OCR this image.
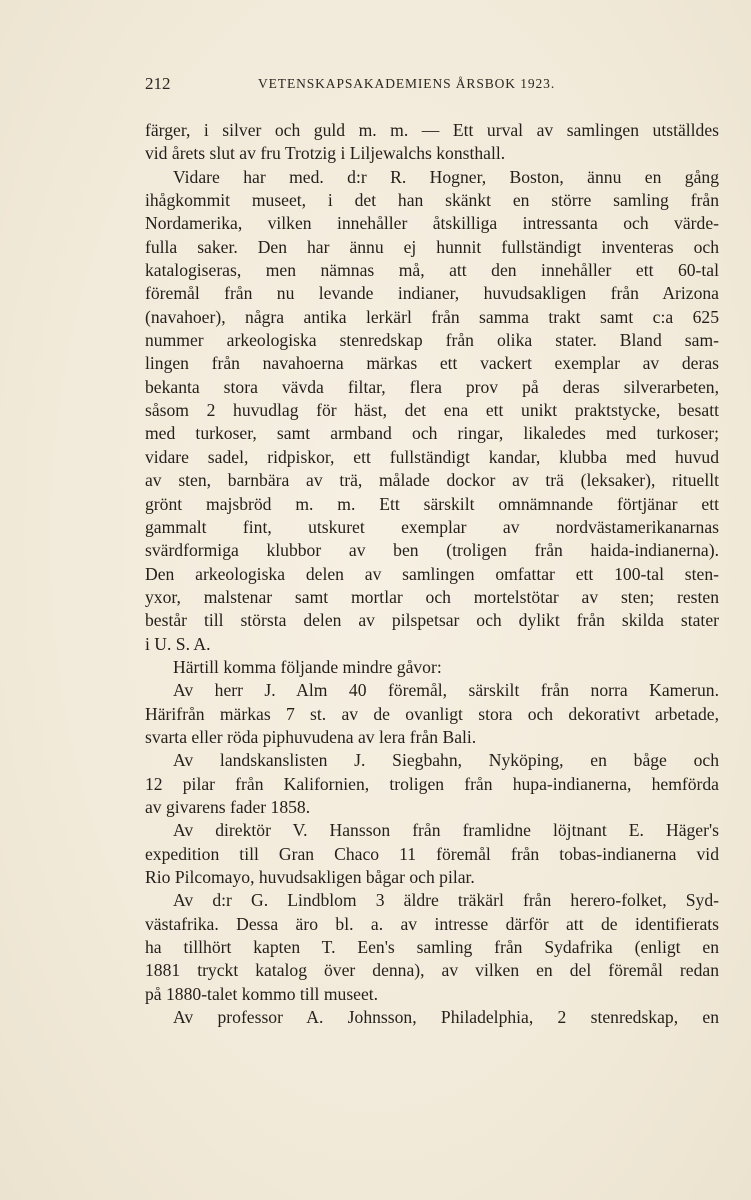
212	VETENSKAPSAKADEMIENS ÅRSBOK 1923.
färger, i silver och guld m. m. — Ett urval av samlingen utställdes
vid årets slut av fru Trotzig i Liljewalchs konsthall.
Vidare har med. d:r R. Hogner, Boston, ännu en gång
ihågkommit museet, i det han skänkt en större samling från
Nordamerika, vilken innehåller åtskilliga intressanta och värde-
fulla saker. Den har ännu ej hunnit fullständigt inventeras och
katalogiseras, men nämnas må, att den innehåller ett 60-tal
föremål från nu levande indianer, huvudsakligen från Arizona
(navahoer), några antika lerkärl från samma trakt samt c:a 625
nummer arkeologiska stenredskap från olika stater. Bland sam-
lingen från navahoerna märkas ett vackert exemplar av deras
bekanta stora vävda filtar, flera prov på deras silverarbeten,
såsom 2 huvudlag för häst, det ena ett unikt praktstycke, besatt
med turkoser, samt armband och ringar, likaledes med turkoser;
vidare sadel, ridpiskor, ett fullständigt kandar, klubba med huvud
av sten, barnbära av trä, målade dockor av trä (leksaker), rituellt
grönt majsbröd m. m. Ett särskilt omnämnande förtjänar ett
gammalt fint, utskuret exemplar av nordvästamerikanarnas
svärdformiga klubbor av ben (troligen från haida-indianerna).
Den arkeologiska delen av samlingen omfattar ett 100-tal sten-
yxor, malstenar samt mortlar och mortelstötar av sten; resten
består till största delen av pilspetsar och dylikt från skilda stater
i U. S. A.
Härtill komma följande mindre gåvor:
Av herr J. Alm 40 föremål, särskilt från norra Kamerun.
Härifrån märkas 7 st. av de ovanligt stora och dekorativt arbetade,
svarta eller röda piphuvudena av lera från Bali.
Av landskanslisten J. Siegbahn, Nyköping, en båge och
12 pilar från Kalifornien, troligen från hupa-indianerna, hemförda
av givarens fader 1858.
Av direktör V. Hansson från framlidne löjtnant E. Häger's
expedition till Gran Chaco 11 föremål från tobas-indianerna vid
Rio Pilcomayo, huvudsakligen bågar och pilar.
Av d:r G. Lindblom 3 äldre träkärl från herero-folket, Syd-
västafrika. Dessa äro bl. a. av intresse därför att de identifierats
ha tillhört kapten T. Een's samling från Sydafrika (enligt en
1881 tryckt katalog över denna), av vilken en del föremål redan
på 1880-talet kommo till museet.
Av professor A. Johnsson, Philadelphia, 2 stenredskap, en
